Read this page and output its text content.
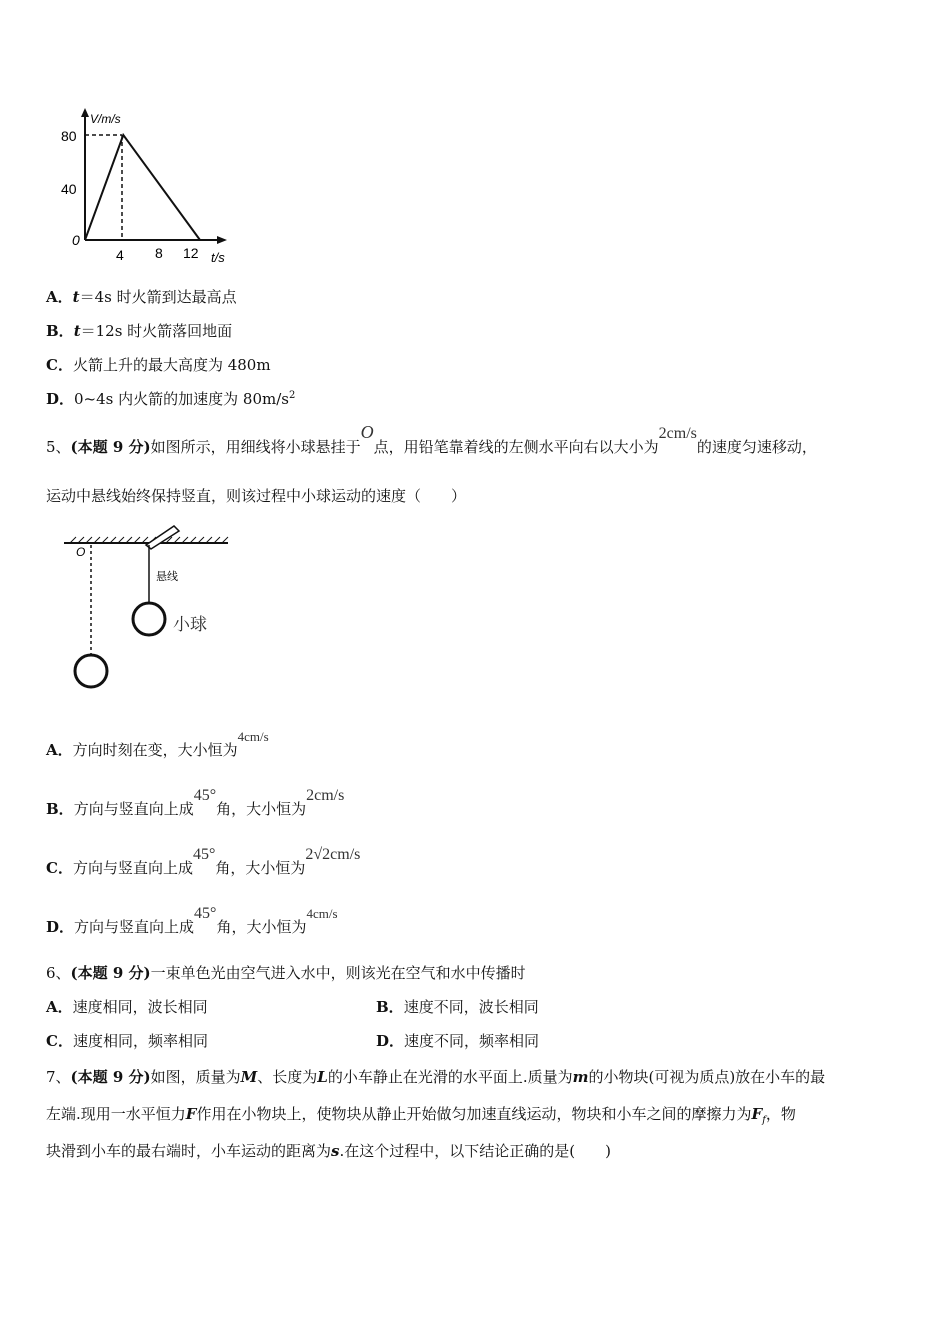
V/m/s
80
40
0
4 8 12 t/s
A．t＝4s 时火箭到达最高点
B．t＝12s 时火箭落回地面
C．火箭上升的最大高度为 480m
D．0~4s 内火箭的加速度为 $80m/s^2$
5、(本题 9 分)如图所示，用细线将小球悬挂于O点，用铅笔靠着线的左侧水平向右以大小为2cm/s的速度匀速移动，
运动中悬线始终保持竖直，则该过程中小球运动的速度（　　）
O
悬线
小球
A．方向时刻在变，大小恒为4cm/s
B．方向与竖直向上成45°角，大小恒为2cm/s
C．方向与竖直向上成45°角，大小恒为2√2cm/s
D．方向与竖直向上成45°角，大小恒为4cm/s
6、(本题 9 分)一束单色光由空气进入水中，则该光在空气和水中传播时
A．速度相同，波长相同	B．速度不同，波长相同
C．速度相同，频率相同	D．速度不同，频率相同
7、(本题 9 分)如图，质量为M、长度为L的小车静止在光滑的水平面上.质量为m的小物块(可视为质点)放在小车的最
左端.现用一水平恒力F作用在小物块上，使物块从静止开始做匀加速直线运动，物块和小车之间的摩擦力为$F_f$，物
块滑到小车的最右端时，小车运动的距离为s.在这个过程中，以下结论正确的是(　　)
